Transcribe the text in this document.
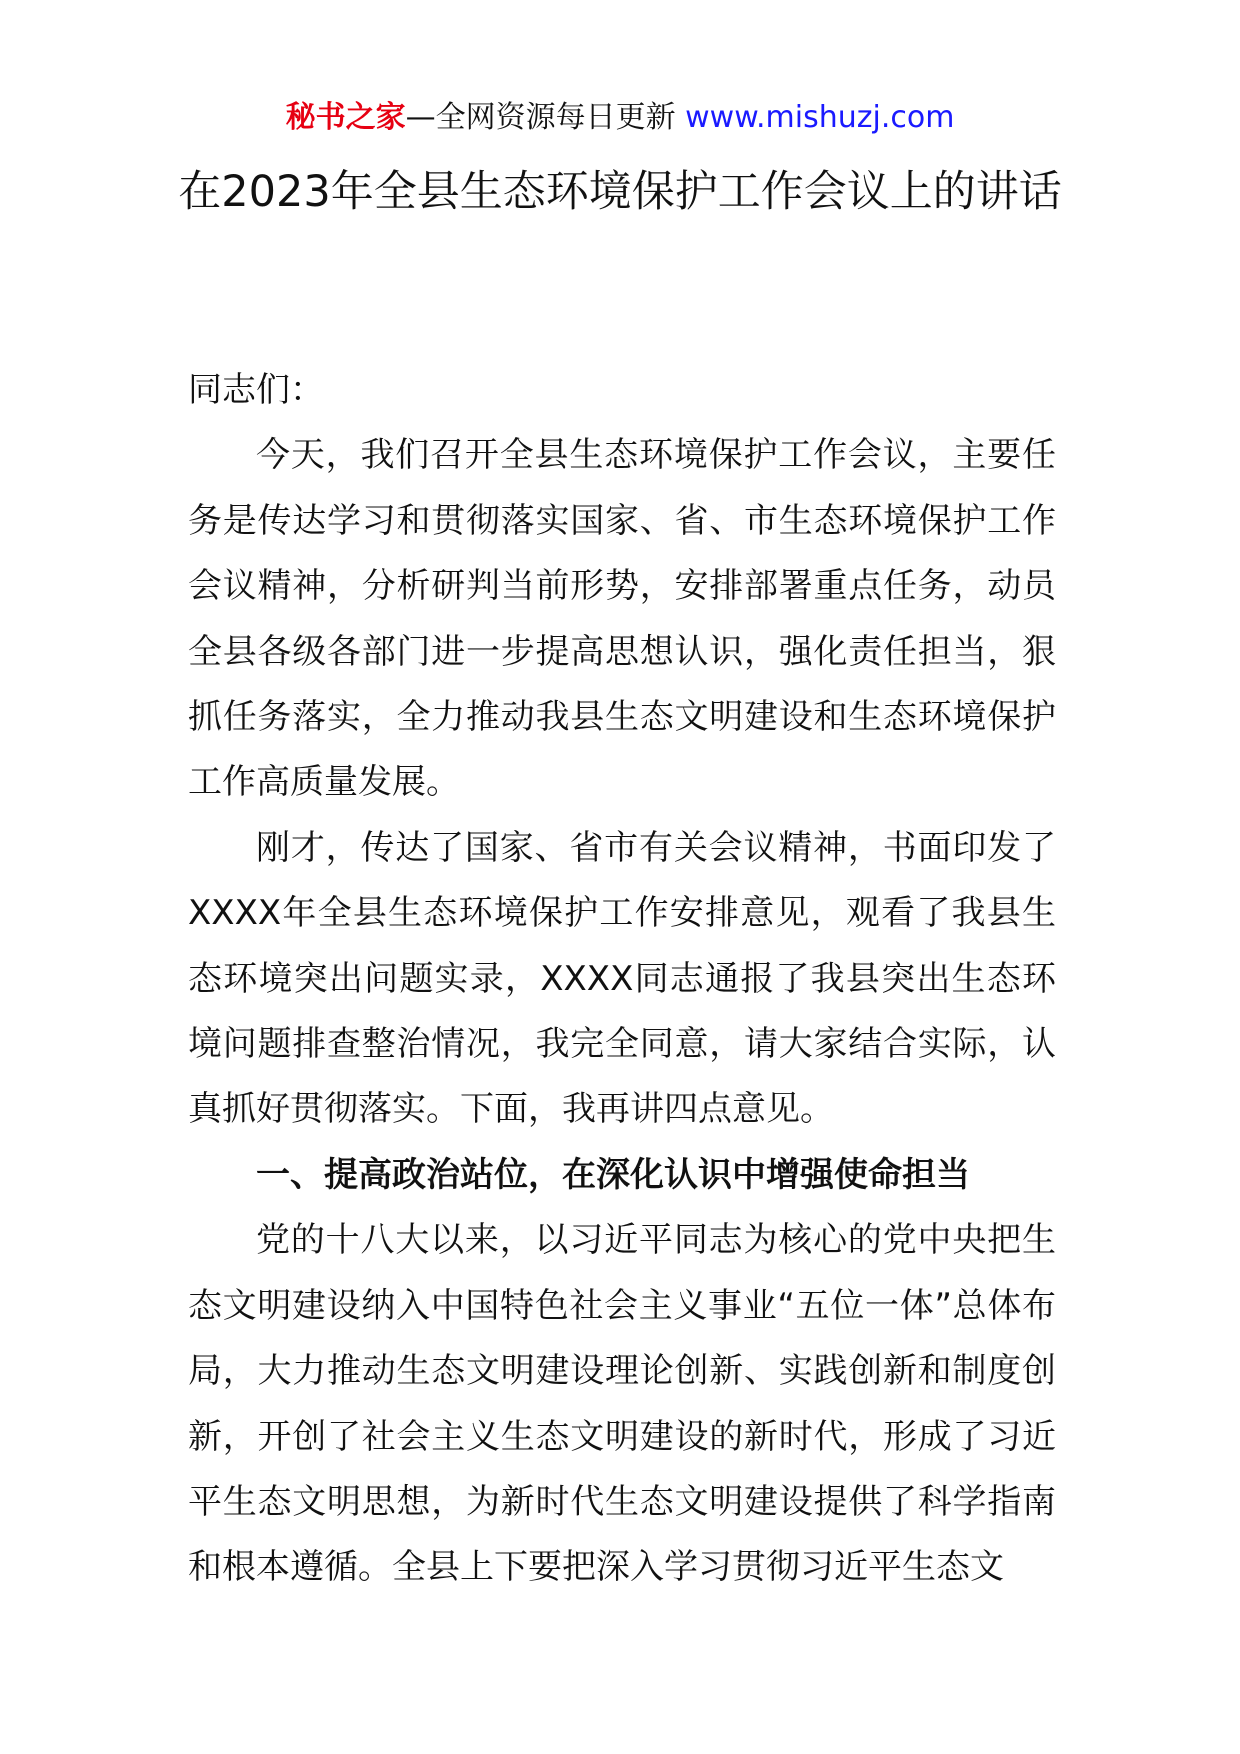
秘书之家—全网资源每日更新 www.mishuzj.com
在2023年全县生态环境保护工作会议上的讲话

同志们：

今天，我们召开全县生态环境保护工作会议，主要任务是传达学习和贯彻落实国家、省、市生态环境保护工作会议精神，分析研判当前形势，安排部署重点任务，动员全县各级各部门进一步提高思想认识，强化责任担当，狠抓任务落实，全力推动我县生态文明建设和生态环境保护工作高质量发展。

刚才，传达了国家、省市有关会议精神，书面印发了XXXX年全县生态环境保护工作安排意见，观看了我县生态环境突出问题实录，XXXX同志通报了我县突出生态环境问题排查整治情况，我完全同意，请大家结合实际，认真抓好贯彻落实。下面，我再讲四点意见。

一、提高政治站位，在深化认识中增强使命担当

党的十八大以来，以习近平同志为核心的党中央把生态文明建设纳入中国特色社会主义事业“五位一体”总体布局，大力推动生态文明建设理论创新、实践创新和制度创新，开创了社会主义生态文明建设的新时代，形成了习近平生态文明思想，为新时代生态文明建设提供了科学指南和根本遵循。全县上下要把深入学习贯彻习近平生态文
